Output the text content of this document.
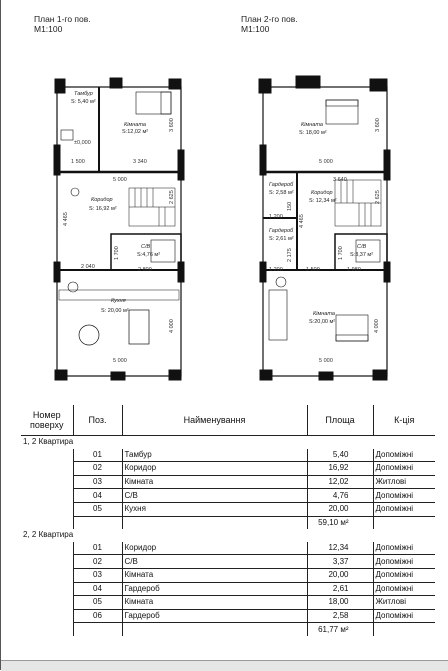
План 1-го пов.
М1:100
План 2-го пов.
М1:100
Тамбур
S: 5,40 м²
Кімната
S:12,02 м²
Коридор
S: 16,92 м²
С/В
S:4,76 м²
Кухня
S: 20,00 м²
±0,000
3 600
1 500	3 340
5 000
2 625
4 465
1 700
2 800
2 040
4 000
5 000
Кімната
S: 18,00 м²
Гардероб
S: 2,58 м²	Коридор
S: 12,34 м²
Гардероб
S: 2,61 м²
С/В
S:3,37 м²
Кімната
S:20,00 м²
3 600
5 000
3 640
1 200
150
2 625
4 465
2 175	1 700
1 200	1 500	1 980
4 000
5 000
Номер поверху	Поз.	Найменування	Площа	К-ція
1, 2 Квартира				
	01	Тамбур	5,40	Допоміжні
	02	Коридор	16,92	Допоміжні
	03	Кімната	12,02	Житлові
	04	С/В	4,76	Допоміжні
	05	Кухня	20,00	Допоміжні
			59,10 м²	
2, 2 Квартира				
	01	Коридор	12,34	Допоміжні
	02	С/В	3,37	Допоміжні
	03	Кімната	20,00	Допоміжні
	04	Гардероб	2,61	Допоміжні
	05	Кімната	18,00	Житлові
	06	Гардероб	2,58	Допоміжні
			61,77 м²	
